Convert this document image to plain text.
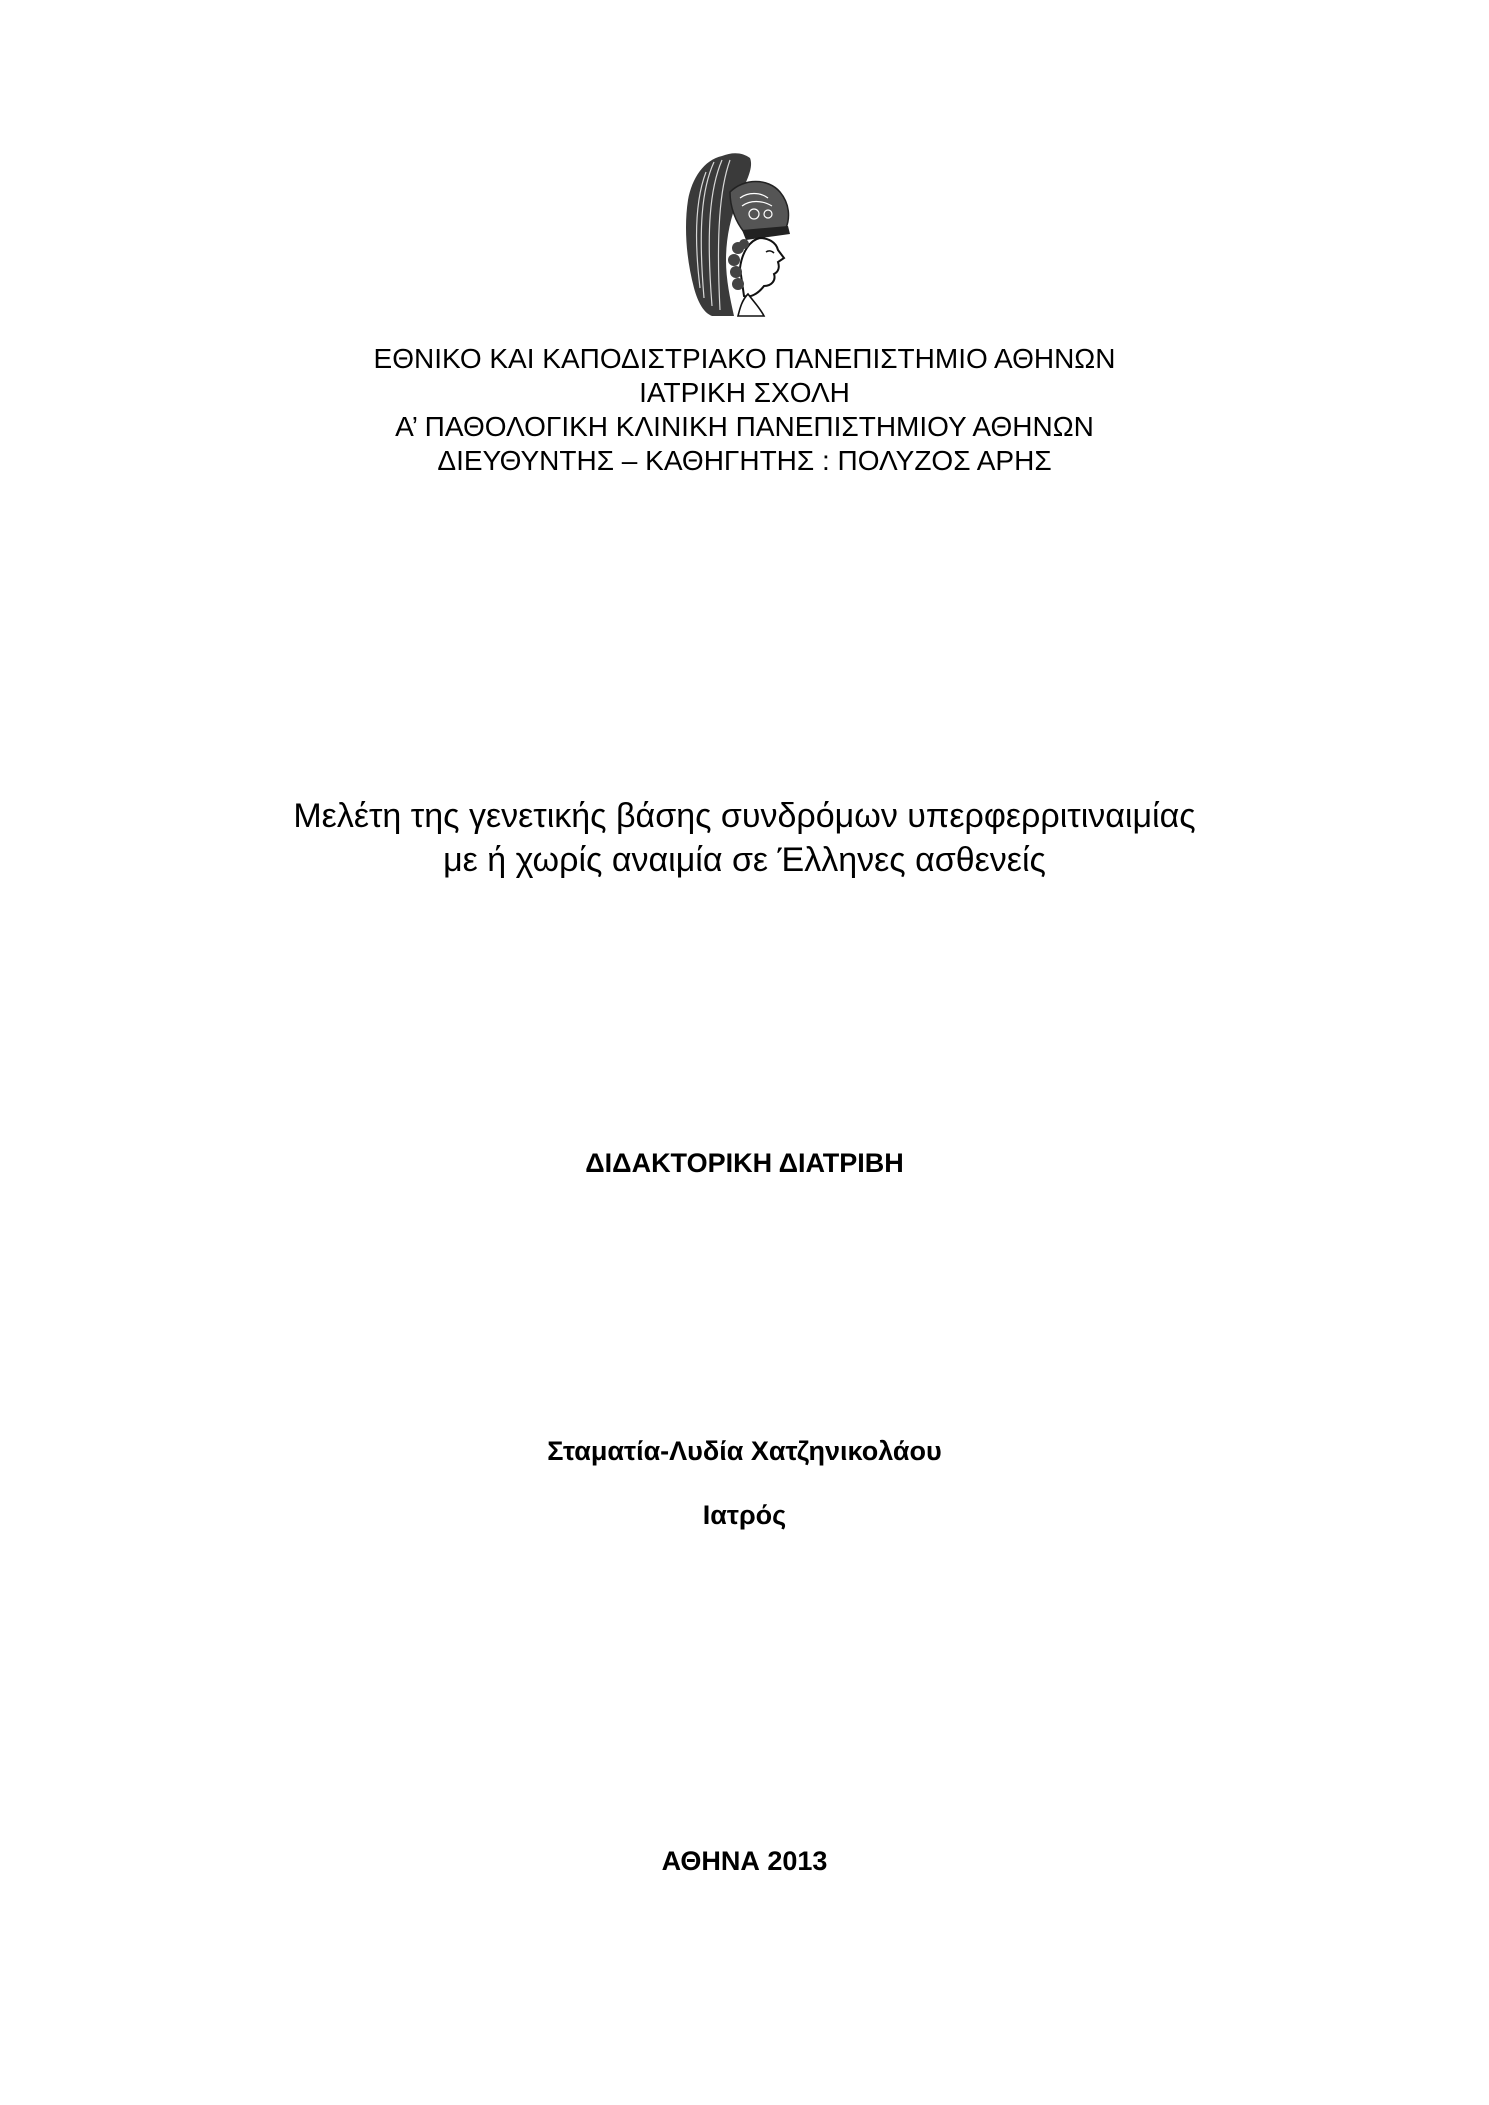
ΕΘΝΙΚΟ ΚΑΙ ΚΑΠΟΔΙΣΤΡΙΑΚΟ ΠΑΝΕΠΙΣΤΗΜΙΟ ΑΘΗΝΩΝ
ΙΑΤΡΙΚΗ ΣΧΟΛΗ
Α’ ΠΑΘΟΛΟΓΙΚΗ ΚΛΙΝΙΚΗ ΠΑΝΕΠΙΣΤΗΜΙΟΥ ΑΘΗΝΩΝ
ΔΙΕΥΘΥΝΤΗΣ – ΚΑΘΗΓΗΤΗΣ : ΠΟΛΥΖΟΣ ΑΡΗΣ
Μελέτη της γενετικής βάσης συνδρόμων υπερφερριτιναιμίας
με ή χωρίς αναιμία σε Έλληνες ασθενείς
ΔΙΔΑΚΤΟΡΙΚΗ ΔΙΑΤΡΙΒΗ
Σταματία-Λυδία Χατζηνικολάου
Ιατρός
ΑΘΗΝΑ 2013
